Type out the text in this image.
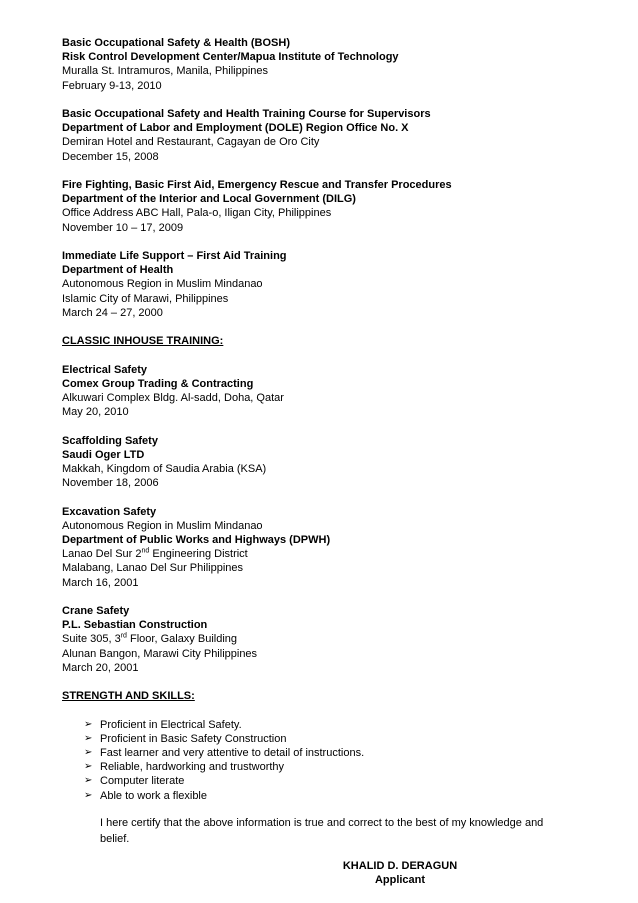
Basic Occupational Safety & Health (BOSH)
Risk Control Development Center/Mapua Institute of Technology
Muralla St. Intramuros, Manila, Philippines
February 9-13, 2010
Basic Occupational Safety and Health Training Course for Supervisors
Department of Labor and Employment (DOLE) Region Office No. X
Demiran Hotel and Restaurant, Cagayan de Oro City
December 15, 2008
Fire Fighting, Basic First Aid, Emergency Rescue and Transfer Procedures
Department of the Interior and Local Government (DILG)
Office Address ABC Hall, Pala-o, Iligan City, Philippines
November 10 – 17, 2009
Immediate Life Support – First Aid Training
Department of Health
Autonomous Region in Muslim Mindanao
Islamic City of Marawi, Philippines
March 24 – 27, 2000
CLASSIC INHOUSE TRAINING:
Electrical Safety
Comex Group Trading & Contracting
Alkuwari Complex Bldg. Al-sadd, Doha, Qatar
May 20, 2010
Scaffolding Safety
Saudi Oger LTD
Makkah, Kingdom of Saudia Arabia (KSA)
November 18, 2006
Excavation Safety
Autonomous Region in Muslim Mindanao
Department of Public Works and Highways (DPWH)
Lanao Del Sur 2nd Engineering District
Malabang, Lanao Del Sur Philippines
March 16, 2001
Crane Safety
P.L. Sebastian Construction
Suite 305, 3rd Floor, Galaxy Building
Alunan Bangon, Marawi City Philippines
March 20, 2001
STRENGTH AND SKILLS:
➢ Proficient in Electrical Safety.
➢ Proficient in Basic Safety Construction
➢ Fast learner and very attentive to detail of instructions.
➢ Reliable, hardworking and trustworthy
➢ Computer literate
➢ Able to work a flexible
I here certify that the above information is true and correct to the best of my knowledge and belief.
KHALID D. DERAGUN
Applicant
